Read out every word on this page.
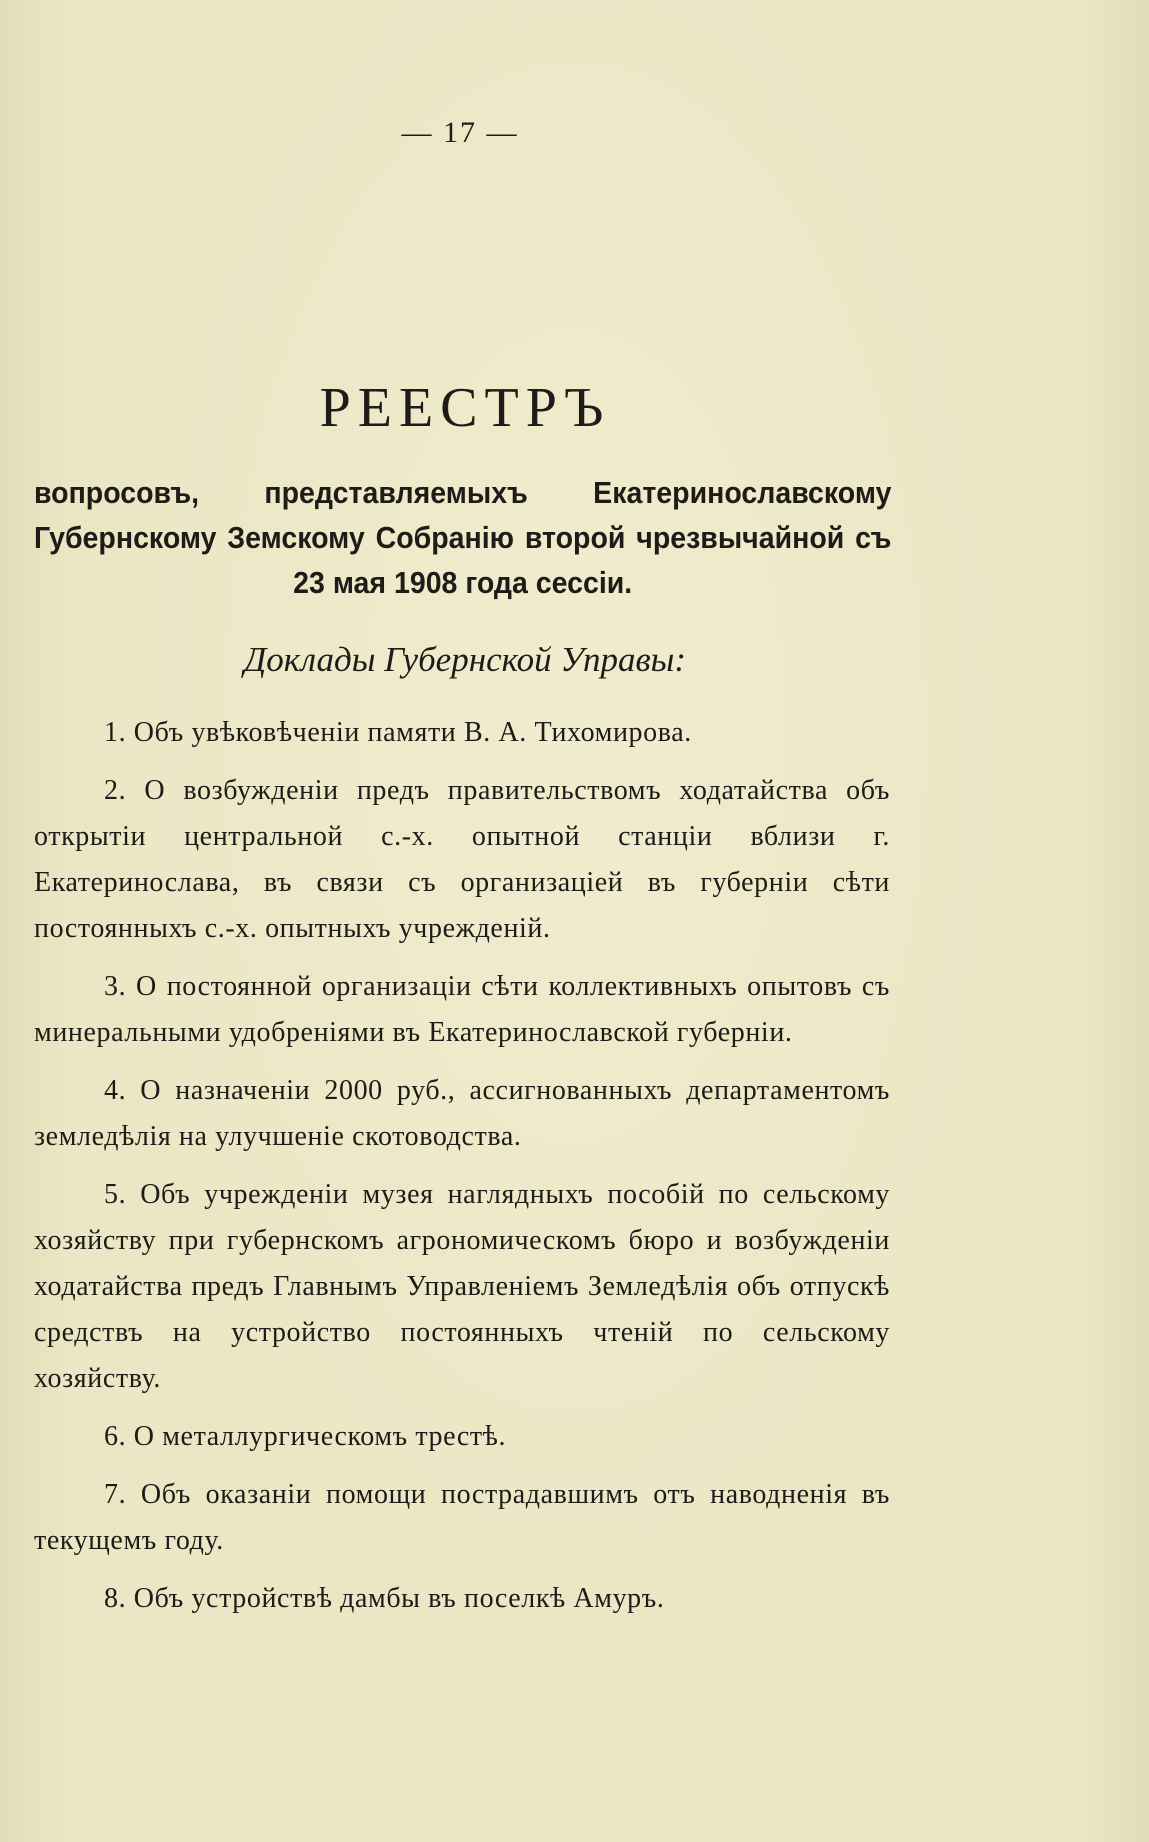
— 17 —
РЕЕСТРЪ
вопросовъ, представляемыхъ Екатеринославскому Губернскому Земскому Собранію второй чрезвычайной съ 23 мая 1908 года сессіи.
Доклады Губернской Управы:

1. Объ увѣковѣченіи памяти В. А. Тихомирова.

2. О возбужденіи предъ правительствомъ ходатайства объ открытіи центральной с.-х. опытной станціи вблизи г. Екатеринослава, въ связи съ организаціей въ губерніи сѣти постоянныхъ с.-х. опытныхъ учрежденій.

3. О постоянной организаціи сѣти коллективныхъ опытовъ съ минеральными удобреніями въ Екатеринославской губерніи.

4. О назначеніи 2000 руб., ассигнованныхъ департаментомъ земледѣлія на улучшеніе скотоводства.

5. Объ учрежденіи музея наглядныхъ пособій по сельскому хозяйству при губернскомъ агрономическомъ бюро и возбужденіи ходатайства предъ Главнымъ Управленіемъ Земледѣлія объ отпускѣ средствъ на устройство постоянныхъ чтеній по сельскому хозяйству.

6. О металлургическомъ трестѣ.

7. Объ оказаніи помощи пострадавшимъ отъ наводненія въ текущемъ году.

8. Объ устройствѣ дамбы въ поселкѣ Амуръ.
